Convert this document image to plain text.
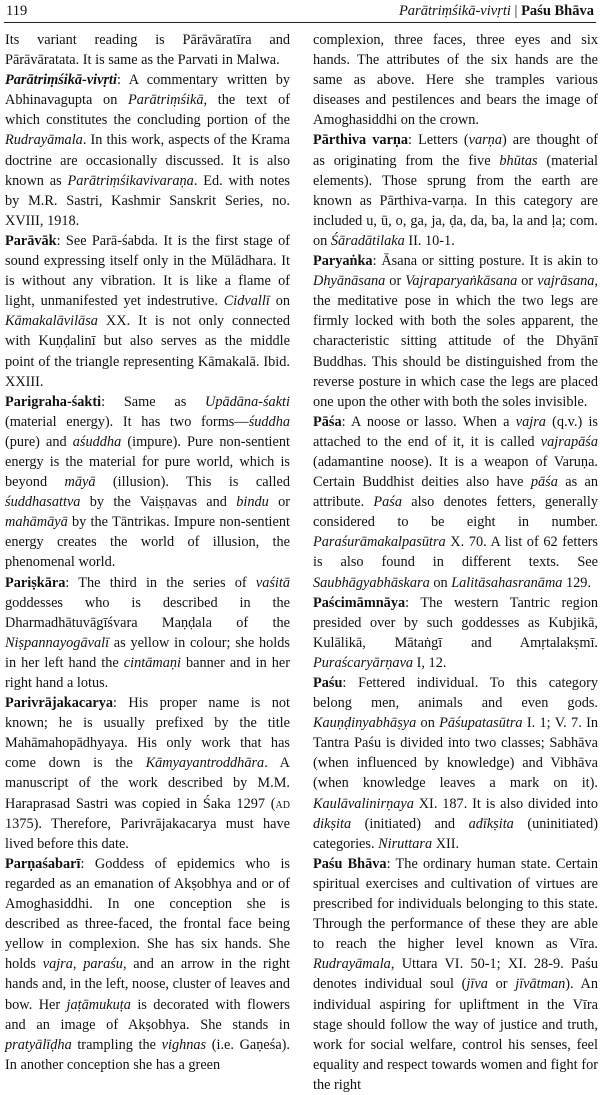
119	Parātriṃśikā-vivṛti | Paśu Bhāva

Its variant reading is Pārāvāratīra and Pārāvāratata. It is same as the Parvati in Malwa.

Parātriṃśikā-vivṛti: A commentary written by Abhinavagupta on Parātriṃśikā, the text of which constitutes the concluding portion of the Rudrayāmala. In this work, aspects of the Krama doctrine are occasionally discussed. It is also known as Parātriṃśikavivaraṇa. Ed. with notes by M.R. Sastri, Kashmir Sanskrit Series, no. XVIII, 1918.

Parāvāk: See Parā-śabda. It is the first stage of sound expressing itself only in the Mūlādhara. It is without any vibration. It is like a flame of light, unmanifested yet indestrutive. Cidvallī on Kāmakalāvilāsa XX. It is not only connected with Kuṇḍalinī but also serves as the middle point of the triangle representing Kāmakalā. Ibid. XXIII.

Parigraha-śakti: Same as Upādāna-śakti (material energy). It has two forms—śuddha (pure) and aśuddha (impure). Pure non-sentient energy is the material for pure world, which is beyond māyā (illusion). This is called śuddhasattva by the Vaiṣṇavas and bindu or mahāmāyā by the Tāntrikas. Impure non-sentient energy creates the world of illusion, the phenomenal world.

Pariṣkāra: The third in the series of vaśitā goddesses who is described in the Dharmadhātuvāgīśvara Maṇḍala of the Niṣpannayogāvalī as yellow in colour; she holds in her left hand the cintāmaṇi banner and in her right hand a lotus.

Parivrājakacarya: His proper name is not known; he is usually prefixed by the title Mahāmahopādhyaya. His only work that has come down is the Kāmyayantroddhāra. A manuscript of the work described by M.M. Haraprasad Sastri was copied in Śaka 1297 (ad 1375). Therefore, Parivrājakacarya must have lived before this date.

Parṇaśabarī: Goddess of epidemics who is regarded as an emanation of Akṣobhya and or of Amoghasiddhi. In one conception she is described as three-faced, the frontal face being yellow in complexion. She has six hands. She holds vajra, paraśu, and an arrow in the right hands and, in the left, noose, cluster of leaves and bow. Her jaṭāmukuṭa is decorated with flowers and an image of Akṣobhya. She stands in pratyālīḍha trampling the vighnas (i.e. Gaṇeśa). In another conception she has a green

complexion, three faces, three eyes and six hands. The attributes of the six hands are the same as above. Here she tramples various diseases and pestilences and bears the image of Amoghasiddhi on the crown.

Pārthiva varṇa: Letters (varṇa) are thought of as originating from the five bhūtas (material elements). Those sprung from the earth are known as Pārthiva-varṇa. In this category are included u, ū, o, ga, ja, ḍa, da, ba, la and ḷa; com. on Śāradātilaka II. 10-1.

Paryaṅka: Āsana or sitting posture. It is akin to Dhyānāsana or Vajraparyaṅkāsana or vajrāsana, the meditative pose in which the two legs are firmly locked with both the soles apparent, the characteristic sitting attitude of the Dhyānī Buddhas. This should be distinguished from the reverse posture in which case the legs are placed one upon the other with both the soles invisible.

Pāśa: A noose or lasso. When a vajra (q.v.) is attached to the end of it, it is called vajrapāśa (adamantine noose). It is a weapon of Varuṇa. Certain Buddhist deities also have pāśa as an attribute. Paśa also denotes fetters, generally considered to be eight in number. Paraśurāmakalpasūtra X. 70. A list of 62 fetters is also found in different texts. See Saubhāgyabhāskara on Lalitāsahasranāma 129.

Paścimāmnāya: The western Tantric region presided over by such goddesses as Kubjikā, Kulālikā, Mātaṅgī and Amṛtalakṣmī. Puraścaryārṇava I, 12.

Paśu: Fettered individual. To this category belong men, animals and even gods. Kauṇḍinyabhāṣya on Pāśupatasūtra I. 1; V. 7. In Tantra Paśu is divided into two classes; Sabhāva (when influenced by knowledge) and Vibhāva (when knowledge leaves a mark on it). Kaulāvalinirṇaya XI. 187. It is also divided into dikṣita (initiated) and adīkṣita (uninitiated) categories. Niruttara XII.

Paśu Bhāva: The ordinary human state. Certain spiritual exercises and cultivation of virtues are prescribed for individuals belonging to this state. Through the performance of these they are able to reach the higher level known as Vīra. Rudrayāmala, Uttara VI. 50-1; XI. 28-9. Paśu denotes individual soul (jīva or jīvātman). An individual aspiring for upliftment in the Vīra stage should follow the way of justice and truth, work for social welfare, control his senses, feel equality and respect towards women and fight for the right
